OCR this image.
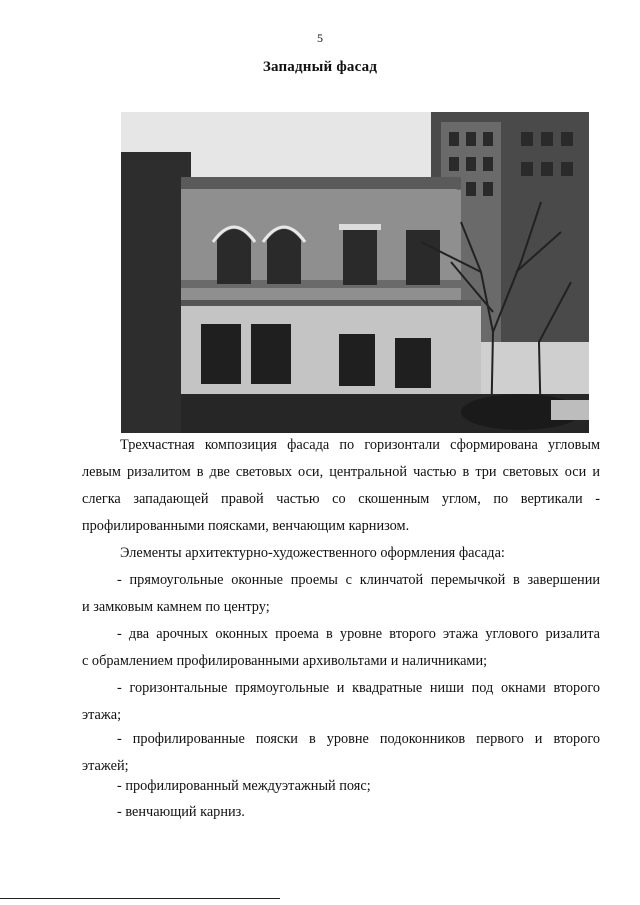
5
Западный фасад
Трехчастная композиция фасада по горизонтали сформирована угловым
левым ризалитом в две световых оси, центральной частью в три световых оси и
слегка западающей правой частью со скошенным углом, по вертикали -
профилированными поясками, венчающим карнизом.
Элементы архитектурно-художественного оформления фасада:
- прямоугольные оконные проемы с клинчатой перемычкой в завершении
и замковым камнем по центру;
- два арочных оконных проема в уровне второго этажа углового ризалита
с обрамлением профилированными архивольтами и наличниками;
- горизонтальные прямоугольные и квадратные ниши под окнами второго
этажа;
- профилированные пояски в уровне подоконников первого и второго
этажей;
- профилированный междуэтажный пояс;
- венчающий карниз.
